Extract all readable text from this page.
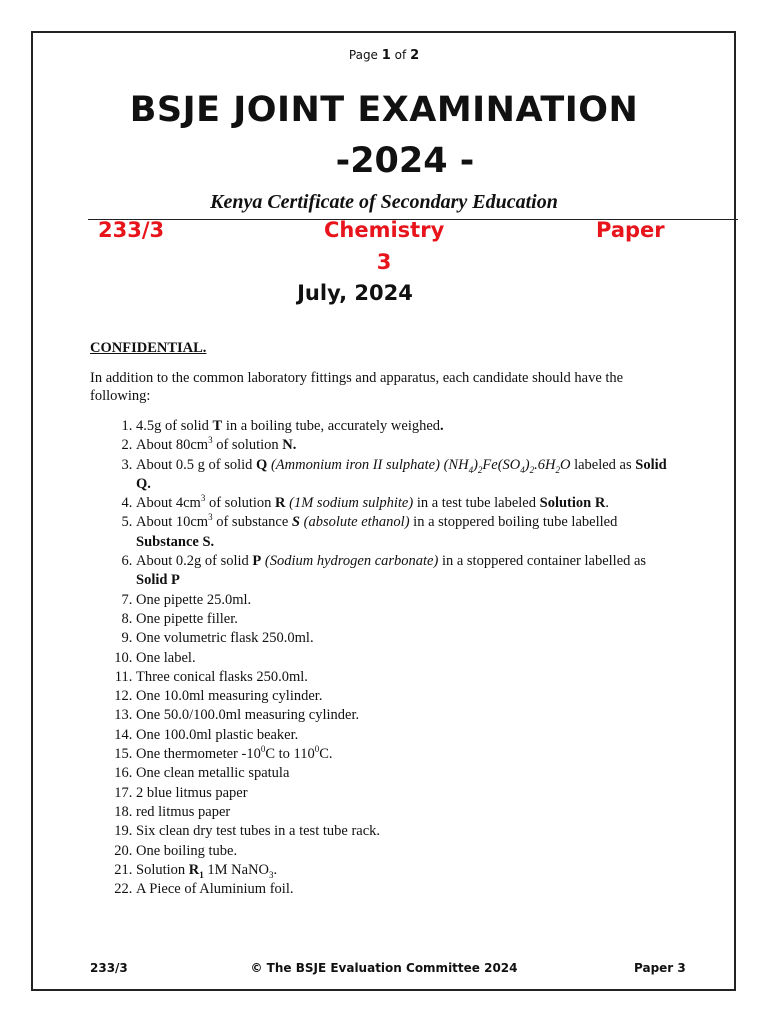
Page 1 of 2
BSJE JOINT EXAMINATION
-2024 -
Kenya Certificate of Secondary Education
233/3	Chemistry	Paper
3
July, 2024
CONFIDENTIAL.
In addition to the common laboratory fittings and apparatus, each candidate should have the following:
1. 4.5g of solid T in a boiling tube, accurately weighed.
2. About $80cm^3$ of solution N.
3. About 0.5 g of solid Q (Ammonium iron II sulphate) $(NH_4)_2Fe(SO_4)_2.6H_2O$ labeled as Solid Q.
4. About $4cm^3$ of solution R (1M sodium sulphite) in a test tube labeled Solution R.
5. About $10cm^3$ of substance S (absolute ethanol) in a stoppered boiling tube labelled Substance S.
6. About 0.2g of solid P (Sodium hydrogen carbonate) in a stoppered container labelled as Solid P
7. One pipette 25.0ml.
8. One pipette filler.
9. One volumetric flask 250.0ml.
10. One label.
11. Three conical flasks 250.0ml.
12. One 10.0ml measuring cylinder.
13. One 50.0/100.0ml measuring cylinder.
14. One 100.0ml plastic beaker.
15. One thermometer $-10^0C$ to $110^0C$.
16. One clean metallic spatula
17. 2 blue litmus paper
18. red litmus paper
19. Six clean dry test tubes in a test tube rack.
20. One boiling tube.
21. Solution $R_1$ 1M NaNO$_3$.
22. A Piece of Aluminium foil.
233/3	© The BSJE Evaluation Committee 2024	Paper 3
